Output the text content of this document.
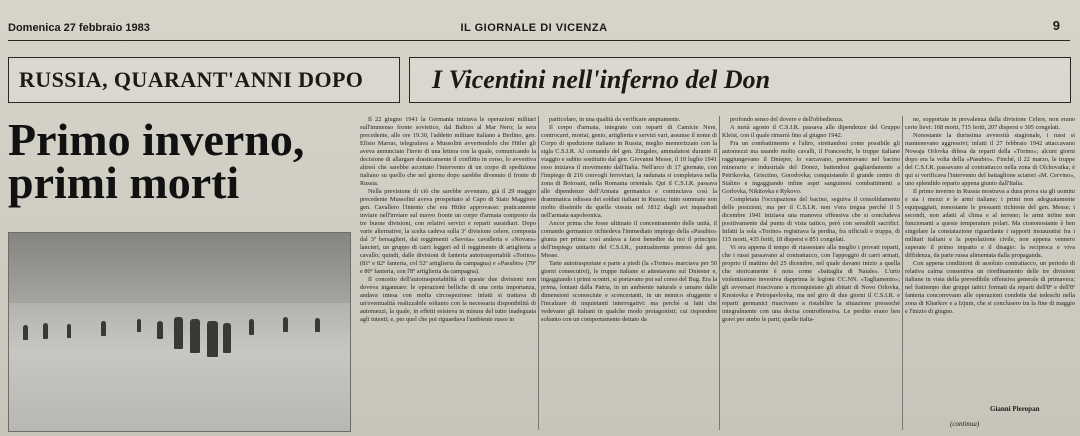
Domenica 27 febbraio 1983	IL GIORNALE DI VICENZA	9
RUSSIA, QUARANT'ANNI DOPO	I Vicentini nell'inferno del Don
Primo inverno,
primi morti

Il 22 giugno 1941 la Germania iniziava le operazioni militari sull'immenso fronte sovietico, dal Baltico al Mar Nero; la sera precedente, alle ore 19.30, l'addetto militare italiano a Berlino, gen. Efisio Marras, telegrafava a Mussolini avvertendolo che Hitler gli aveva annunciato l'invio di una lettera con la quale, comunicando la decisione di allargare drasticamente il conflitto in corso, lo avvertiva altresì che sarebbe accettato l'intervento di un corpo di spedizione italiano su quello che nel giorno dopo sarebbe divenuto il fronte di Russia.

Nella previsione di ciò che sarebbe avvenuto, già il 29 maggio precedente Mussolini aveva prospettato al Capo di Stato Maggiore gen. Cavallero l'intento che era Hitler approvasse: praticamente inviare nell'inviare sul nuovo fronte un corpo d'armata composto da tre buone divisioni, con relativi servizi e reparti sussidiari. Dopo varie alternative, la scelta cadeva sulla 3ª divisione celere, composta dal 3º bersaglieri, dai reggimenti «Savoia» cavalleria e «Novara» lancieri, un gruppo di carri leggeri ed il reggimento di artiglieria a cavallo; quindi, dalle divisioni di fanteria autotrasportabili «Torino» (81º e 82º fanteria, col 52º artiglieria da campagna) e «Pasubio» (79º e 80º fanteria, con l'8º artiglieria da campagna).

Il concetto dell'autotrasportabilità di queste due divisioni non doveva ingannare: le operazioni belliche di una certa importanza, andava intesa con molta circospezione: infatti si trattava di un'eventualità realizzabile soltanto con la necessaria disponibilità di automezzi, la quale, in effetti esisteva in misura del tutto inadeguata agli intenti; e, per quel che poi riguardava l'ambiente russo in

particolare, in una qualità da verificare ampiamente.

Il corpo d'armata, integrato con reparti di Camicie Nere, controcarri, mortai, genio, artiglieria e servizi vari, assunse il nome di Corpo di spedizione italiano in Russia, meglio memorizzato con la sigla C.S.I.R. Al comando del gen. Zingales, ammalatosi durante il viaggio e subito sostituito dal gen. Giovanni Messe, il 10 luglio 1941 esso iniziava il movimento dall'Italia. Nell'arco di 17 giornate, con l'impiego di 216 convogli ferroviari, la radunata si completava nella zona di Botosani, nella Romania orientale. Qui il C.S.I.R. passava alle dipendenze dell'Armata germanica e cominciava così la drammatica odissea dei soldati italiani in Russia; tutto sommato non molto dissimile da quella vissuta nel 1812 dagli avi inquadrati nell'armata napoleonica.

Ancor prima che fosse ultimato il concentramento delle unità, il comando germanico richiedeva l'immediato impiego della «Pasubio» giunta per prima: così andava a farsi benedire da noi il principio dell'impiego unitario del C.S.I.R., puntualmente preteso dal gen. Messe.

Tarte autotrasportate e parte a piedi (la «Torino» marciava per 50 giorni consecutivi), le truppe italiane si attestavano sul Dniester e, ingaggiando i primi scontri, si portavano poi sul corso del Bug. Era la prima, lontani dalla Patria, in un ambiente naturale e umano dalle dimensioni sconosciute e sconcertanti, in un nemico sfuggente e l'incalzare di inquietanti interrogativi: ma perché si fatti che vedevano gli italiani in qualche modo protagonisti; cui rispondere soltanto con un comportamento dettato da

profondo senso del dovere e dell'obbedienza.

A metà agosto il C.S.I.R. passava alle dipendenze del Gruppo Kleist, con il quale rimarrà fino al giugno 1942.

Fra un combattimento e l'altro, strettandosi come possibile gli automezzi ma usando molto cavalli, il Franceschi, le truppe italiane raggiungevano il Dnieper, lo varcavano, penetravano nel bacino minerario e industriale del Donez, battendosi gagliardamente a Petrikovka, Grisctino, Gorodovka; conquistando il grande centro di Stalino e ingaggiando infine aspri sanguinosi combattimenti a Gorlovka, Nikitovka e Rykovo.

Completata l'occupazione del bacino, seguiva il consolidamento delle posizioni, ma per il C.S.I.R. non v'era tregua perché il 5 dicembre 1941 iniziava una manovra offensiva che si concludeva positivamente dal punto di vista tattico, però con sensibili sacrifici. Infatti la sola «Torino» registrava la perdita, fra ufficiali e truppa, di 115 morti, 435 feriti, 18 dispersi e 851 congelati.

Vi era appena il tempo di riassestare alla meglio i provati reparti, che i russi passavano al contrattacco, con l'appoggio di carri armati, proprio il mattino del 25 dicembre, nel quale davano inizio a quella che storicamente è nota come «battaglia di Natale». L'urto violentissimo investiva dapprima le legioni CC.NN. «Tagliamento»; gli avversari riuscivano a riconquistare gli abitati di Novo Orlovka, Krestovka e Petropavlovka, ma nel giro di due giorni il C.S.I.R. e reparti germanici riuscivano a ristabilire la situazione pressoché integralmente con una decisa controffensiva. Le perdite erano ben gravi per ambo le parti; quelle italia-

ne, sopportate in prevalenza dalla divisione Celere, non erano certo lievi: 168 morti, 715 feriti, 207 dispersi e 305 congelati.

Nonostante la durissima avversità stagionale, i russi si mantenevano aggressivi; infatti il 27 febbraio 1942 attaccavano Nowaja Orlovka difesa da reparti della «Torino»; alcuni giorni dopo era la volta della «Pasubio». Finché, il 22 marzo, le truppe del C.S.I.R. passavano al contrattacco nella zona di Olchovatka; è qui si verificava l'intervento del battaglione sciatori «M. Cervino», uno splendido reparto appena giunto dall'Italia.

Il primo inverno in Russia mostrava a dura prova sia gli uomini e sia i mezzi e le armi italiane; i primi non adeguatamente equipaggiati, nonostante le pressanti richieste del gen. Messe; i secondi, non adatti al clima e al terreno; le armi infine non funzionanti a queste temperature polari. Ma ciononostante è ben singolare la constatazione riguardante i rapporti instauratisi fra i militari italiani e la popolazione civile, non appena vennero superate il primo impatto e il disagio: la reciproca e viva diffidenza, da parte russa alimentata dalla propaganda.

Con appena condizioni di assoluto contrattacco, un periodo di relativa calma consentiva un riordinamento delle tre divisioni italiane in vista della prevedibile offensiva generale di primavera; nel frattempo due gruppi tattici formati da reparti dell'8º e dell'8º fanteria concorrevano alle operazioni condotte dai tedeschi nella zona di Kharkov e a Izjum, che si conclusero tra la fine di maggio e l'inizio di giugno.

Gianni Pieropan
(continua)
